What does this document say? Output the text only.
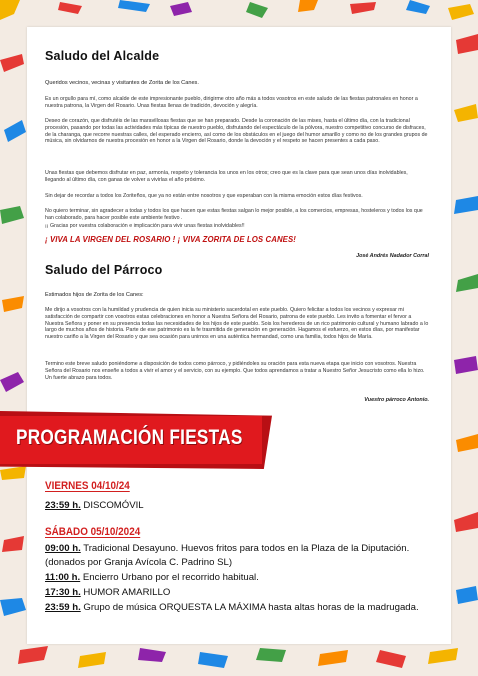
Saludo del Alcalde
Queridos vecinos, vecinas y visitantes de Zorita de los Canes.
Es un orgullo para mí, como alcalde de este impresionante pueblo, dirigirme otro año más a todos vosotros en este saludo de las fiestas patronales en honor a nuestra patrona, la Virgen del Rosario. Unas fiestas llenas de tradición, devoción y alegría.
Deseo de corazón, que disfrutéis de las maravillosas fiestas que se han preparado. Desde la coronación de las mises, hasta el último día, con la tradicional procesión, pasando por todas las actividades más típicas de nuestro pueblo, disfrutando del espectáculo de la pólvora, nuestro competitivo concurso de disfraces, de la charanga, que recorre nuestras calles, del esperado encierro, así como de los obstáculos en el juego del humor amarillo y como no de los grandes grupos de música, sin olvidarnos de nuestra procesión en honor a la Virgen del Rosario, donde la devoción y el respeto se hacen presentes a cada paso.
Unas fiestas que debemos disfrutar en paz, armonía, respeto y tolerancia los unos en los otros; creo que es la clave para que sean unos días inolvidables, llegando al último día, con ganas de volver a vivirlas el año próximo.
Sin dejar de recordar a todos los Zoriteños, que ya no están entre nosotros y que esperaban con la misma emoción estos días festivos.
No quiero terminar, sin agradecer a todas y todos los que hacen que estas fiestas salgan lo mejor posible, a los comercios, empresas, hosteleros y todos los que han colaborado, para hacer posible este ambiente festivo .
¡¡ Gracias por vuestra colaboración e implicación para vivir unas fiestas inolvidables!!
¡ VIVA LA VIRGEN DEL ROSARIO ! ¡ VIVA ZORITA DE LOS CANES!
José Andrés Nadador Corral
Saludo del Párroco
Estimados hijos de Zorita de los Canes:
Me dirijo a vosotros con la humildad y prudencia de quien inicia su ministerio sacerdotal en este pueblo. Quiero felicitar a todos los vecinos y expresar mi satisfacción de compartir con vosotros estas celebraciones en honor a Nuestra Señora del Rosario, patrona de este pueblo. Les invito a fomentar el fervor a Nuestra Señora y poner en su presencia todas las necesidades de los hijos de este pueblo. Sois los herederos de un rico patrimonio cultural y humano labrado a lo largo de muchos años de historia. Parte de ese patrimonio es la fe trasmitida de generación en generación. Hagamos el esfuerzo, en estos días, por manifestar nuestro cariño a la Virgen del Rosario y que sea ocasión para unirnos en una auténtica hermandad, como una familia, todos hijos de María.
Termino este breve saludo poniéndome a disposición de todos como párroco, y pidiéndoles su oración para esta nueva etapa que inicio con vosotros. Nuestra Señora del Rosario nos enseñe a todos a vivir el amor y el servicio, con su ejemplo. Que todos aprendamos a tratar a Nuestro Señor Jesucristo como ella lo hizo. Un fuerte abrazo para todos.
Vuestro párroco Antonio.
PROGRAMACIÓN FIESTAS
VIERNES 04/10/24
23:59 h. DISCOMÓVIL
SÁBADO 05/10/2024
09:00 h. Tradicional Desayuno. Huevos fritos para todos en la Plaza de la Diputación.
(donados por Granja Avícola C. Padrino SL)
11:00 h. Encierro Urbano por el recorrido habitual.
17:30 h. HUMOR AMARILLO
23:59 h. Grupo de música ORQUESTA LA MÁXIMA hasta altas horas de la madrugada.
